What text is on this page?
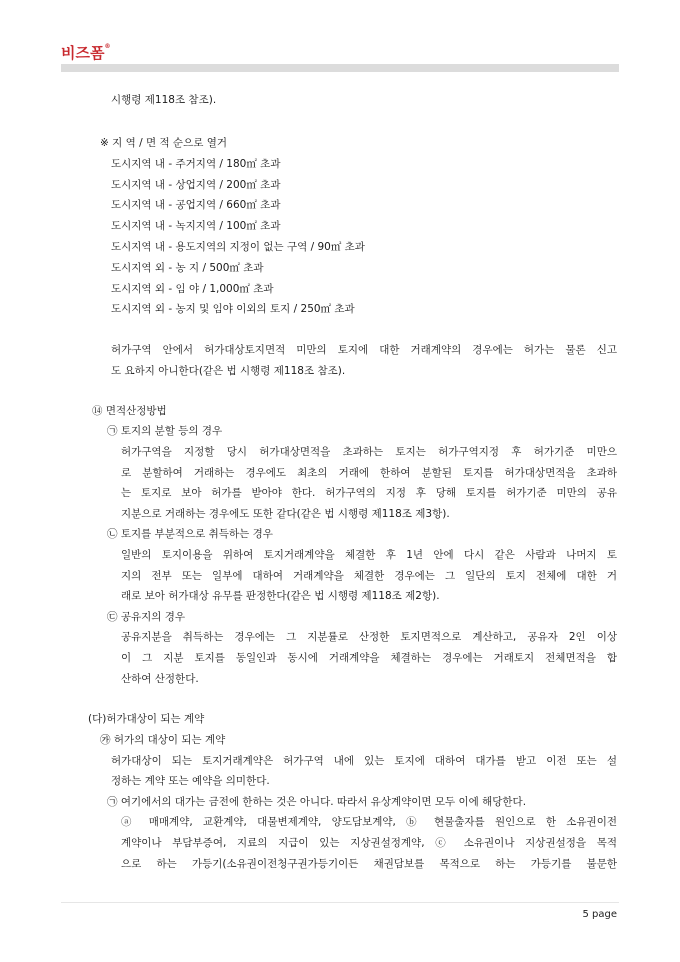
비즈폼®
시행령 제118조 참조).
※ 지 역 / 면 적 순으로 열거
도시지역 내 - 주거지역 / 180㎡ 초과
도시지역 내 - 상업지역 / 200㎡ 초과
도시지역 내 - 공업지역 / 660㎡ 초과
도시지역 내 - 녹지지역 / 100㎡ 초과
도시지역 내 - 용도지역의 지정이 없는 구역 / 90㎡ 초과
도시지역 외 - 농 지 / 500㎡ 초과
도시지역 외 - 임 야 / 1,000㎡ 초과
도시지역 외 - 농지 및 임야 이외의 토지 / 250㎡ 초과
허가구역 안에서 허가대상토지면적 미만의 토지에 대한 거래계약의 경우에는 허가는 물론 신고
도 요하지 아니한다(같은 법 시행령 제118조 참조).
⑭ 면적산정방법
㉠ 토지의 분할 등의 경우
허가구역을 지정할 당시 허가대상면적을 초과하는 토지는 허가구역지정 후 허가기준 미만으
로 분할하여 거래하는 경우에도 최초의 거래에 한하여 분할된 토지를 허가대상면적을 초과하
는 토지로 보아 허가를 받아야 한다. 허가구역의 지정 후 당해 토지를 허가기준 미만의 공유
지분으로 거래하는 경우에도 또한 같다(같은 법 시행령 제118조 제3항).
㉡ 토지를 부분적으로 취득하는 경우
일반의 토지이용을 위하여 토지거래계약을 체결한 후 1년 안에 다시 같은 사람과 나머지 토
지의 전부 또는 일부에 대하여 거래계약을 체결한 경우에는 그 일단의 토지 전체에 대한 거
래로 보아 허가대상 유무를 판정한다(같은 법 시행령 제118조 제2항).
㉢ 공유지의 경우
공유지분을 취득하는 경우에는 그 지분률로 산정한 토지면적으로 계산하고, 공유자 2인 이상
이 그 지분 토지를 동일인과 동시에 거래계약을 체결하는 경우에는 거래토지 전체면적을 합
산하여 산정한다.
(다)허가대상이 되는 계약
㉮ 허가의 대상이 되는 계약
허가대상이 되는 토지거래계약은 허가구역 내에 있는 토지에 대하여 대가를 받고 이전 또는 설
정하는 계약 또는 예약을 의미한다.
㉠ 여기에서의 대가는 금전에 한하는 것은 아니다. 따라서 유상계약이면 모두 이에 해당한다.
ⓐ 매매계약, 교환계약, 대물변제계약, 양도담보계약, ⓑ 현물출자를 원인으로 한 소유권이전
계약이나 부담부증여, 지료의 지급이 있는 지상권설정계약, ⓒ 소유권이나 지상권설정을 목적
으로 하는 가등기(소유권이전청구권가등기이든 채권담보를 목적으로 하는 가등기를 불문한
5 page
